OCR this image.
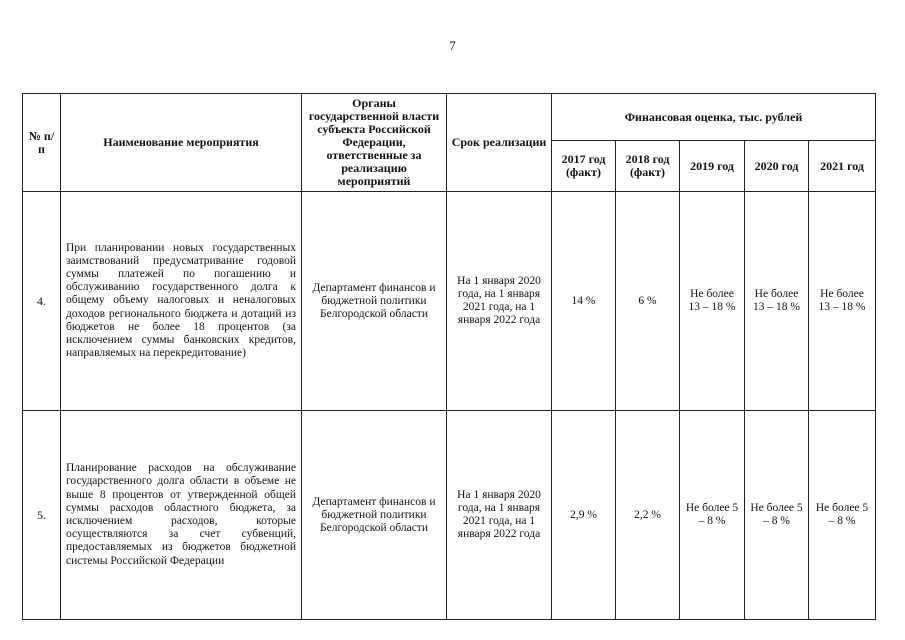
7
№ п/п	Наименование мероприятия	Органы государственной власти субъекта Российской Федерации, ответственные за реализацию мероприятий	Срок реализации	Финансовая оценка, тыс. рублей				
				2017 год (факт)	2018 год (факт)	2019 год	2020 год	2021 год
4.	При планировании новых государственных заимствований предусматривание годовой суммы платежей по погашению и обслуживанию государственного долга к общему объему налоговых и неналоговых доходов регионального бюджета и дотаций из бюджетов не более 18 процентов (за исключением суммы банковских кредитов, направляемых на перекредитование)	Департамент финансов и бюджетной политики Белгородской области	На 1 января 2020 года, на 1 января 2021 года, на 1 января 2022 года	14 %	6 %	Не более 13 – 18 %	Не более 13 – 18 %	Не более 13 – 18 %
5.	Планирование расходов на обслуживание государственного долга области в объеме не выше 8 процентов от утвержденной общей суммы расходов областного бюджета, за исключением расходов, которые осуществляются за счет субвенций, предоставляемых из бюджетов бюджетной системы Российской Федерации	Департамент финансов и бюджетной политики Белгородской области	На 1 января 2020 года, на 1 января 2021 года, на 1 января 2022 года	2,9 %	2,2 %	Не более 5 – 8 %	Не более 5 – 8 %	Не более 5 – 8 %
